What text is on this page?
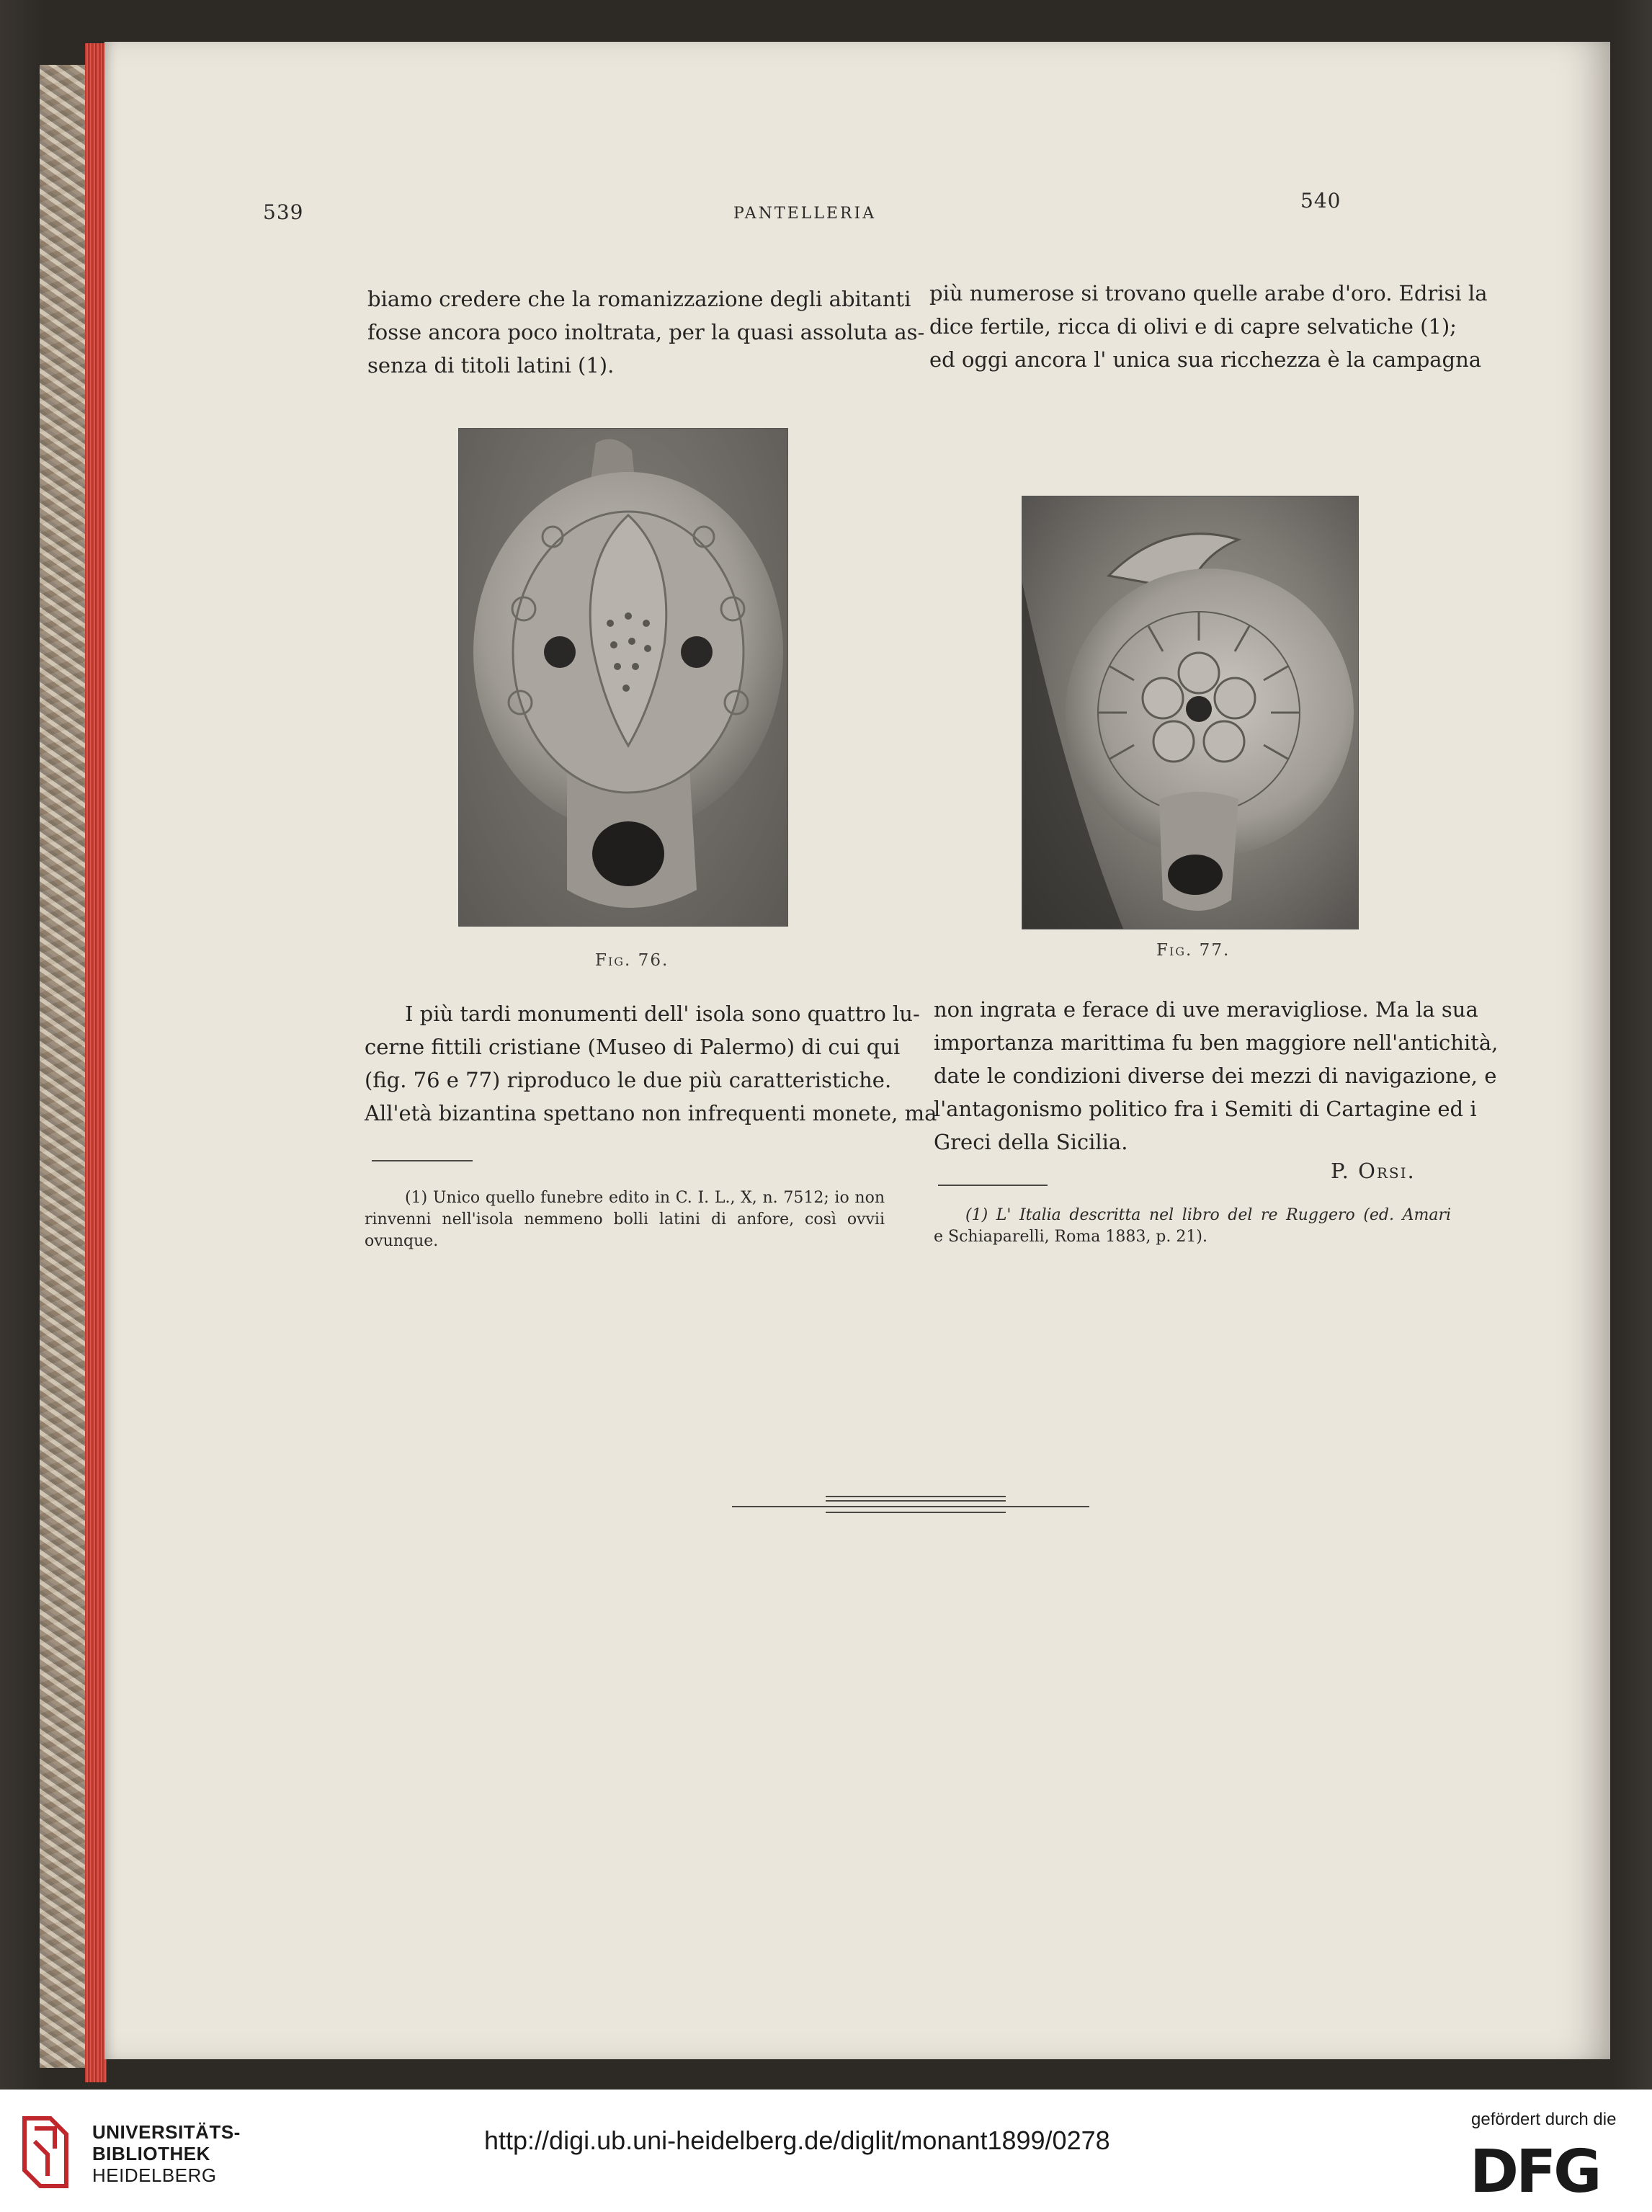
539	PANTELLERIA
540

biamo credere che la romanizzazione degli abitanti
fosse ancora poco inoltrata, per la quasi assoluta as-
senza di titoli latini (1).

più numerose si trovano quelle arabe d'oro. Edrisi la
dice fertile, ricca di olivi e di capre selvatiche (1);
ed oggi ancora l' unica sua ricchezza è la campagna

Fig. 76.
Fig. 77.

I più tardi monumenti dell' isola sono quattro lu-
cerne fittili cristiane (Museo di Palermo) di cui qui
(fig. 76 e 77) riproduco le due più caratteristiche.
All'età bizantina spettano non infrequenti monete, ma

non ingrata e ferace di uve meravigliose. Ma la sua
importanza marittima fu ben maggiore nell'antichità,
date le condizioni diverse dei mezzi di navigazione, e
l'antagonismo politico fra i Semiti di Cartagine ed i
Greci della Sicilia.

P. Orsi.

(1) Unico quello funebre edito in C. I. L., X, n. 7512; io non
rinvenni nell'isola nemmeno bolli latini di anfore, così ovvii
ovunque.

(1) L' Italia descritta nel libro del re Ruggero (ed. Amari
e Schiaparelli, Roma 1883, p. 21).

UNIVERSITÄTS-
BIBLIOTHEK
HEIDELBERG
http://digi.ub.uni-heidelberg.de/diglit/monant1899/0278
gefördert durch die
DFG
